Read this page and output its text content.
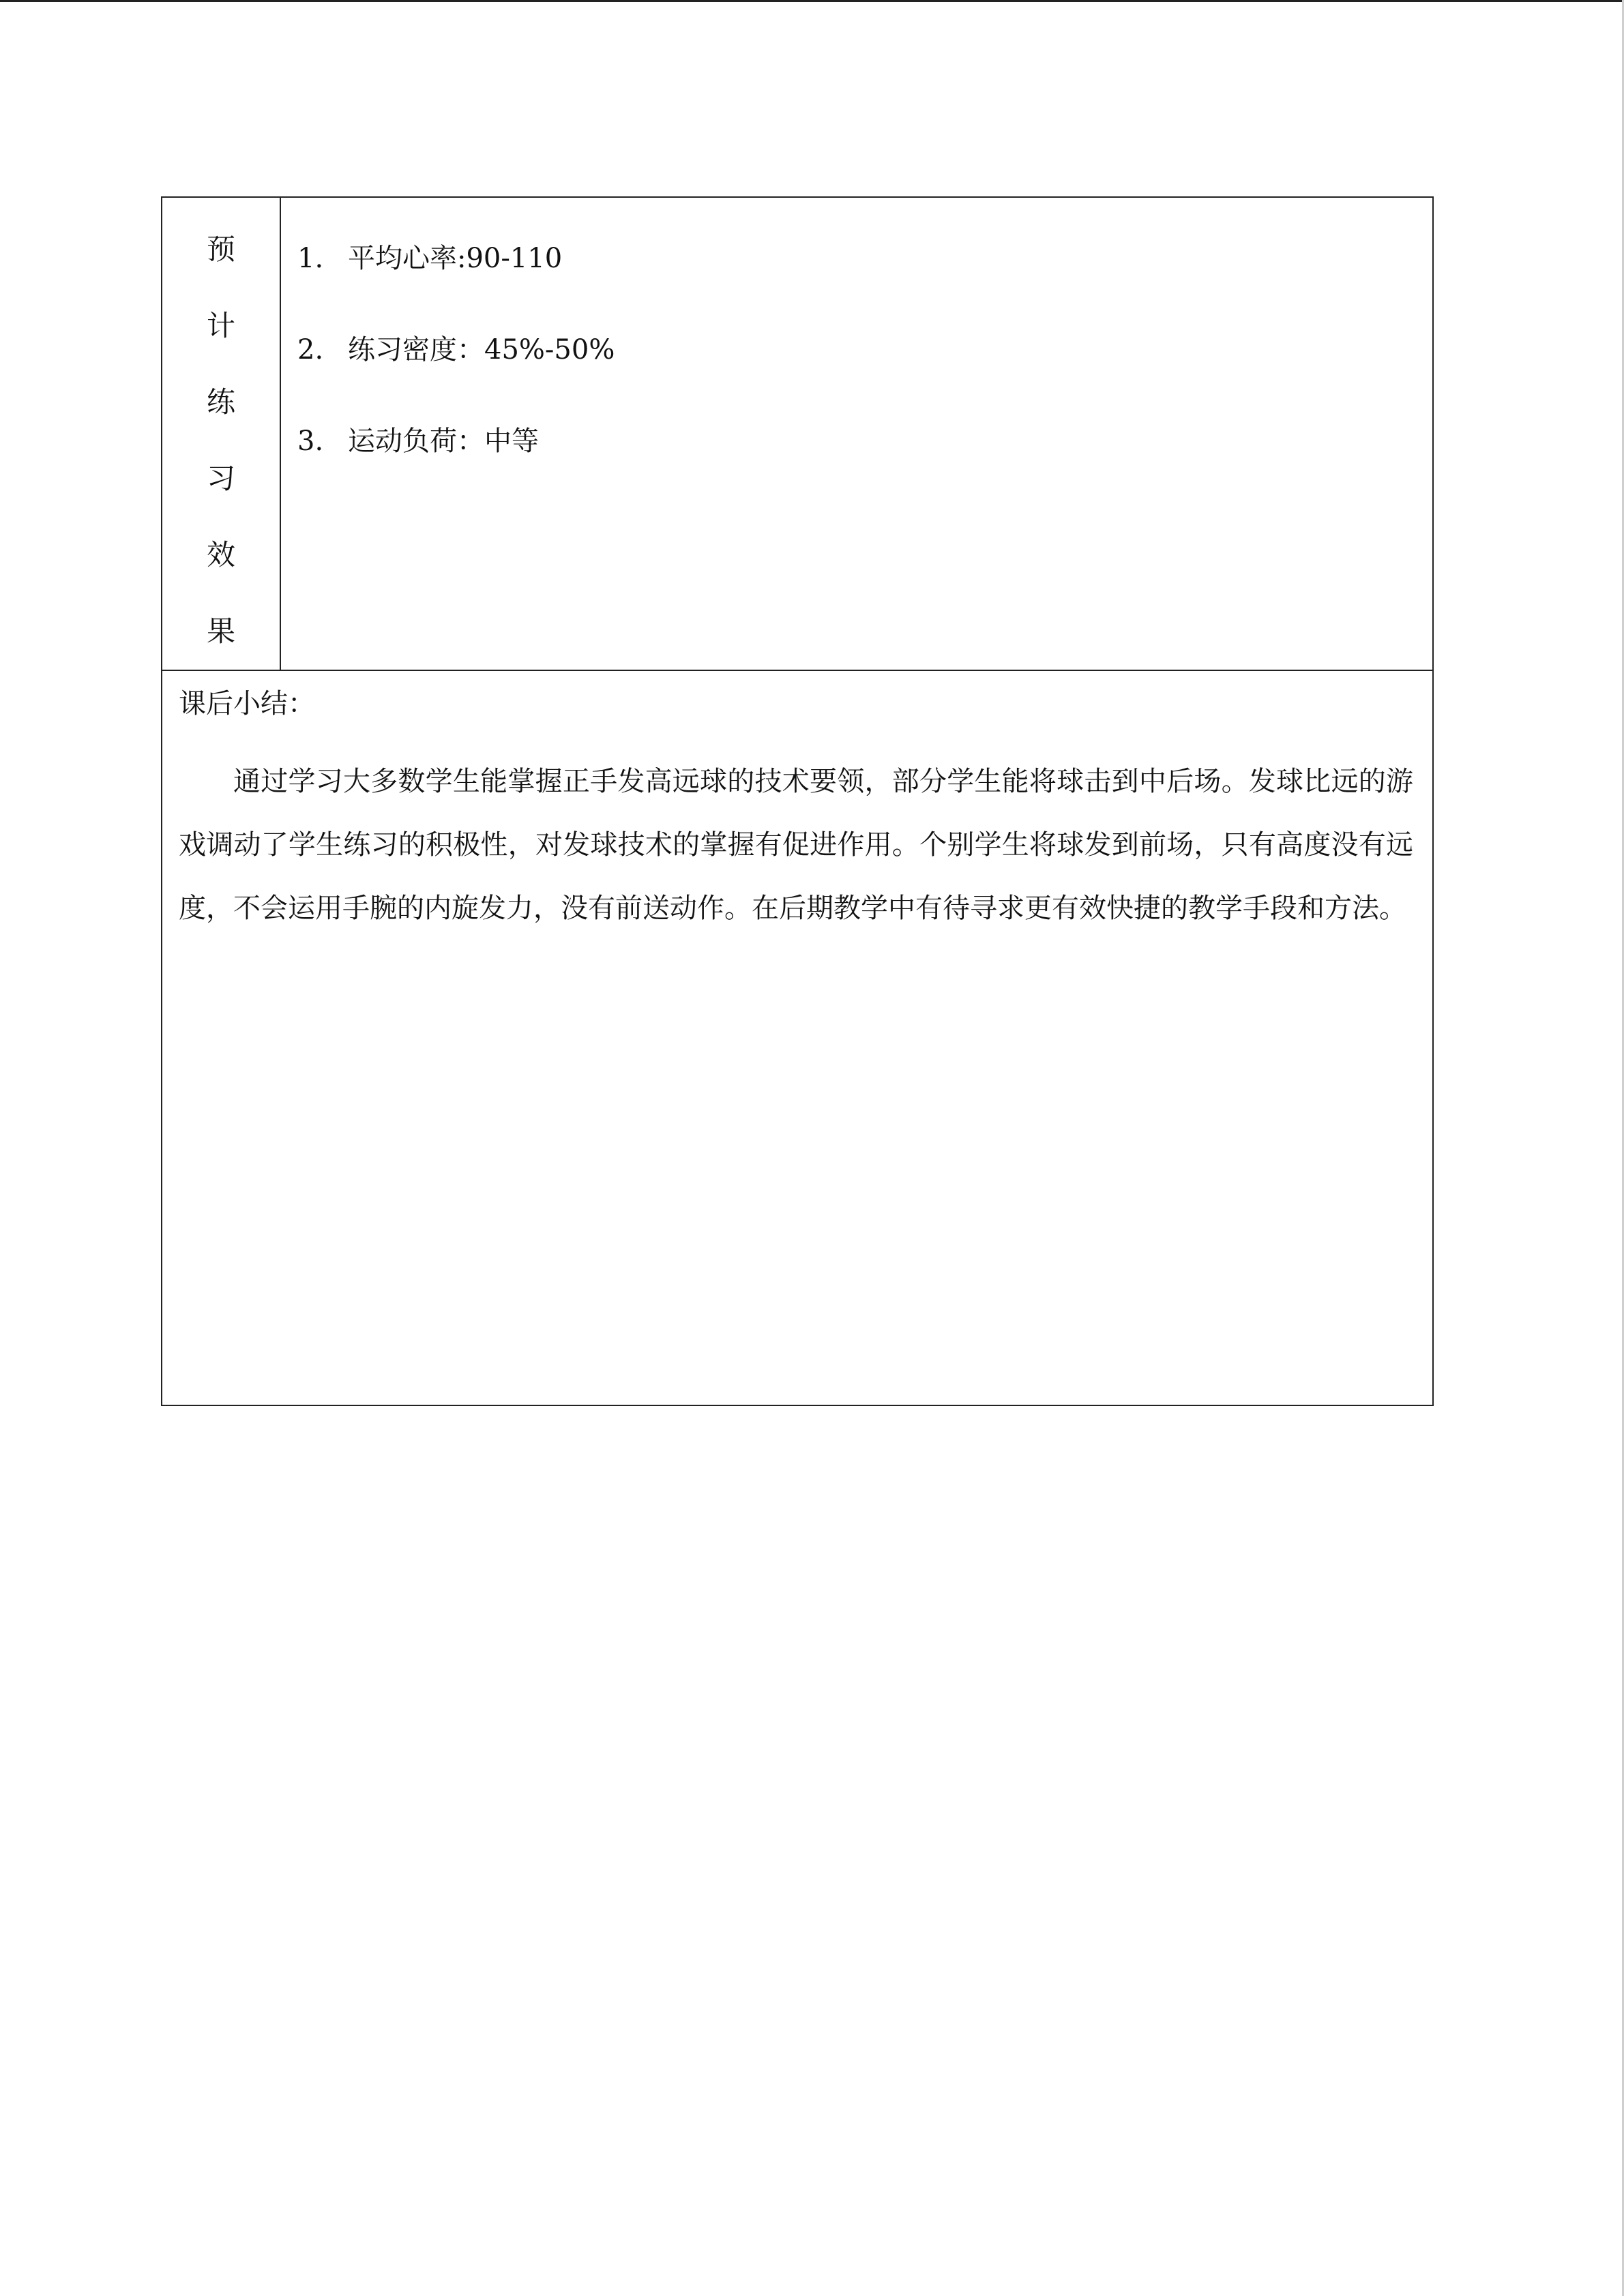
预
计
练
习
效
果

1. 平均心率:90-110
2. 练习密度：45%-50%
3. 运动负荷：中等

课后小结：

通过学习大多数学生能掌握正手发高远球的技术要领，部分学生能将球击到中后场。发球比远的游戏调动了学生练习的积极性，对发球技术的掌握有促进作用。个别学生将球发到前场，只有高度没有远度，不会运用手腕的内旋发力，没有前送动作。在后期教学中有待寻求更有效快捷的教学手段和方法。
